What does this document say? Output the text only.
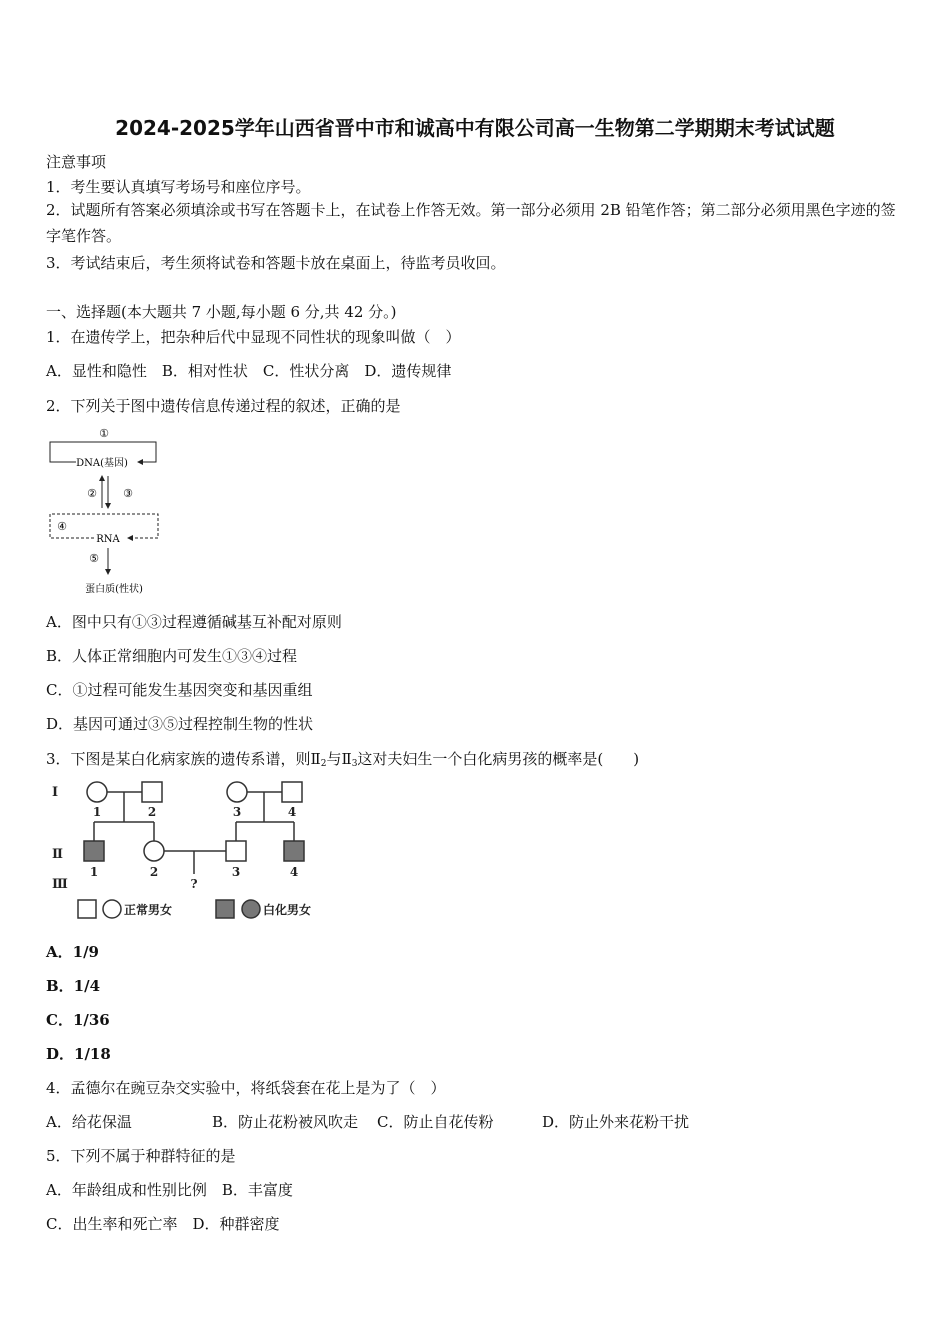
2024-2025学年山西省晋中市和诚高中有限公司高一生物第二学期期末考试试题
注意事项
1．考生要认真填写考场号和座位序号。
2．试题所有答案必须填涂或书写在答题卡上，在试卷上作答无效。第一部分必须用 2B 铅笔作答；第二部分必须用黑色字迹的签字笔作答。
3．考试结束后，考生须将试卷和答题卡放在桌面上，待监考员收回。
一、选择题(本大题共 7 小题,每小题 6 分,共 42 分。)
1．在遗传学上，把杂种后代中显现不同性状的现象叫做（　）
A．显性和隐性　B．相对性状　C．性状分离　D．遗传规律
2．下列关于图中遗传信息传递过程的叙述，正确的是
①
DNA(基因)
② ③
④
RNA
⑤
蛋白质(性状)
A．图中只有①③过程遵循碱基互补配对原则
B．人体正常细胞内可发生①③④过程
C．①过程可能发生基因突变和基因重组
D．基因可通过③⑤过程控制生物的性状
3．下图是某白化病家族的遗传系谱，则$Ⅱ_2$与$Ⅱ_3$这对夫妇生一个白化病男孩的概率是(　　)
Ⅰ
Ⅱ
Ⅲ
1	2	3	4
1	2	3	4
?
正常男女	白化男女
A．1/9
B．1/4
C．1/36
D．1/18
4．孟德尔在豌豆杂交实验中，将纸袋套在花上是为了（　）
A．给花保温	B．防止花粉被风吹走 C．防止自花传粉	D．防止外来花粉干扰
5．下列不属于种群特征的是
A．年龄组成和性别比例　B．丰富度
C．出生率和死亡率　D．种群密度
